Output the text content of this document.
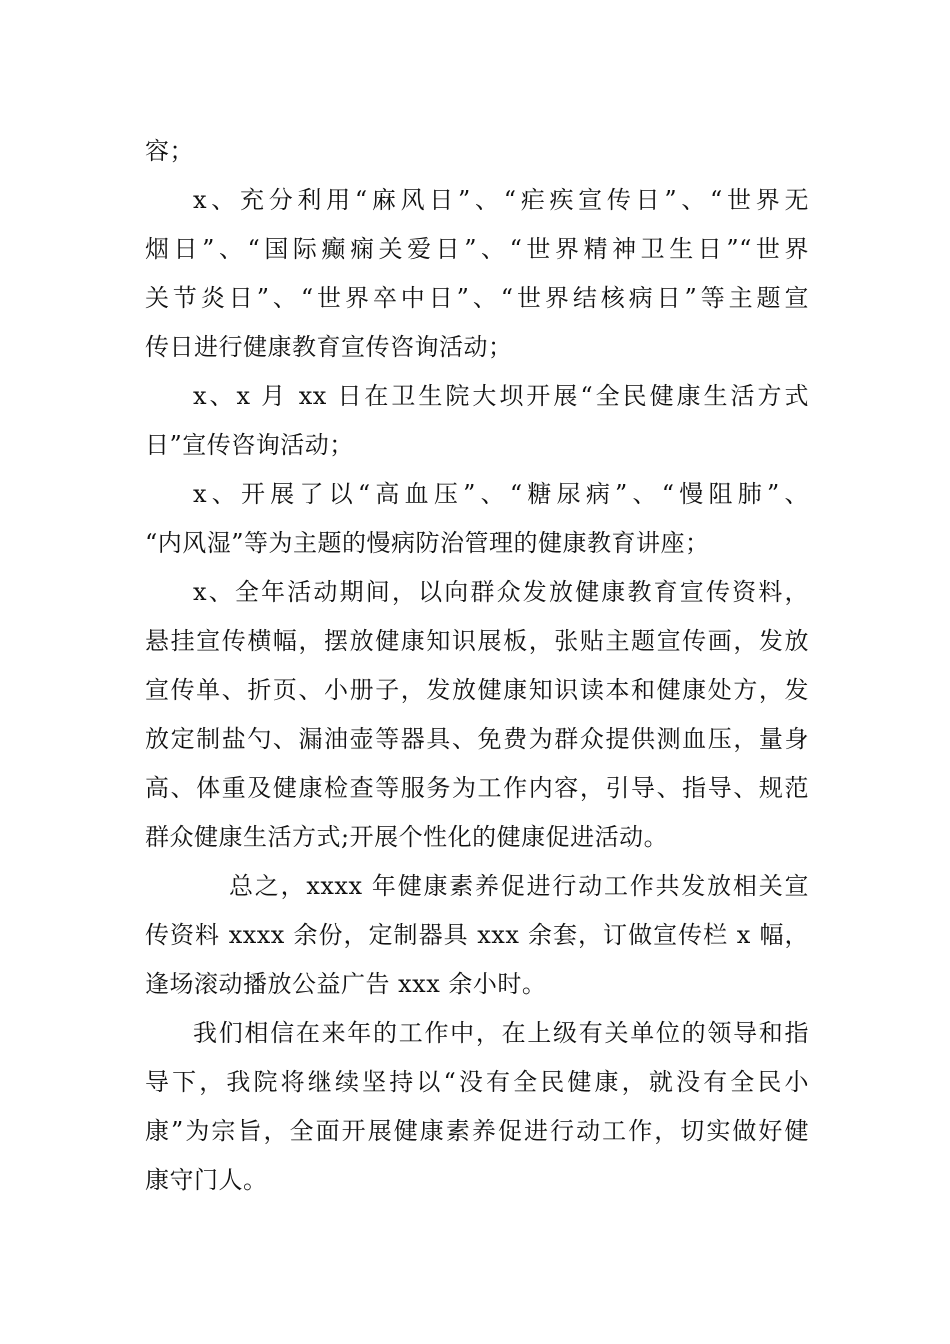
容；
x、充分利用“麻风日”、“疟疾宣传日”、“世界无
烟日”、“国际癫痫关爱日”、“世界精神卫生日”“世界
关节炎日”、“世界卒中日”、“世界结核病日”等主题宣
传日进行健康教育宣传咨询活动；
x、x 月 xx 日在卫生院大坝开展“全民健康生活方式
日”宣传咨询活动；
x、开展了以“高血压”、“糖尿病”、“慢阻肺”、
“内风湿”等为主题的慢病防治管理的健康教育讲座；
x、全年活动期间，以向群众发放健康教育宣传资料，
悬挂宣传横幅，摆放健康知识展板，张贴主题宣传画，发放
宣传单、折页、小册子，发放健康知识读本和健康处方，发
放定制盐勺、漏油壶等器具、免费为群众提供测血压，量身
高、体重及健康检查等服务为工作内容，引导、指导、规范
群众健康生活方式;开展个性化的健康促进活动。
总之，xxxx 年健康素养促进行动工作共发放相关宣
传资料 xxxx 余份，定制器具 xxx 余套，订做宣传栏 x 幅，
逢场滚动播放公益广告 xxx 余小时。
我们相信在来年的工作中，在上级有关单位的领导和指
导下，我院将继续坚持以“没有全民健康，就没有全民小
康”为宗旨，全面开展健康素养促进行动工作，切实做好健
康守门人。
